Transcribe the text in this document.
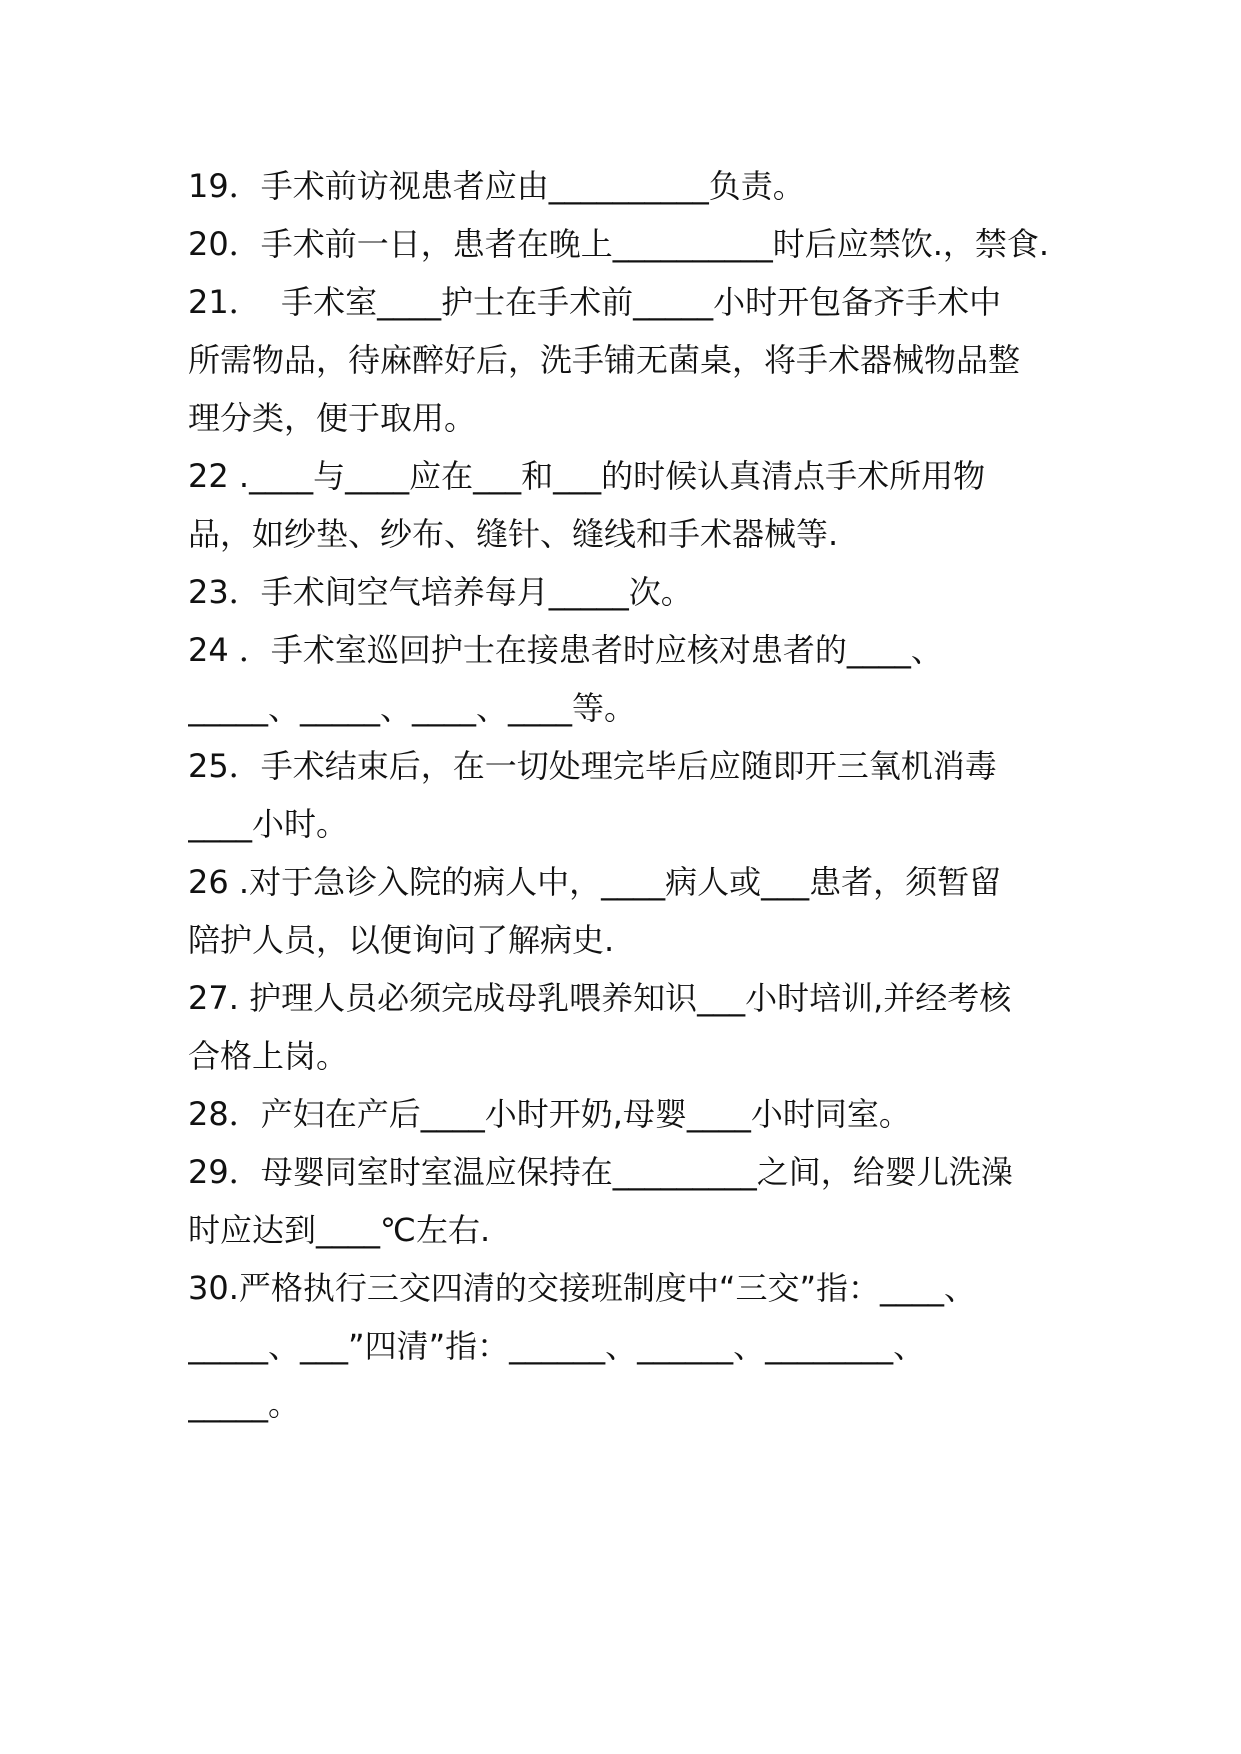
19．手术前访视患者应由__________负责。
20．手术前一日，患者在晚上__________时后应禁饮.，禁食.
21．  手术室____护士在手术前_____小时开包备齐手术中
所需物品，待麻醉好后，洗手铺无菌桌，将手术器械物品整
理分类，便于取用。
22 .____与____应在___和___的时候认真清点手术所用物
品，如纱垫、纱布、缝针、缝线和手术器械等.
23．手术间空气培养每月_____次。
24 ．手术室巡回护士在接患者时应核对患者的____、
_____、_____、____、____等。
25．手术结束后，在一切处理完毕后应随即开三氧机消毒
____小时。
26 .对于急诊入院的病人中，____病人或___患者，须暂留
陪护人员，以便询问了解病史.
27. 护理人员必须完成母乳喂养知识___小时培训,并经考核
合格上岗。
28．产妇在产后____小时开奶,母婴____小时同室。
29．母婴同室时室温应保持在_________之间，给婴儿洗澡
时应达到____℃左右.
30.严格执行三交四清的交接班制度中“三交”指：____、
_____、___”四清”指：______、______、________、
_____。
